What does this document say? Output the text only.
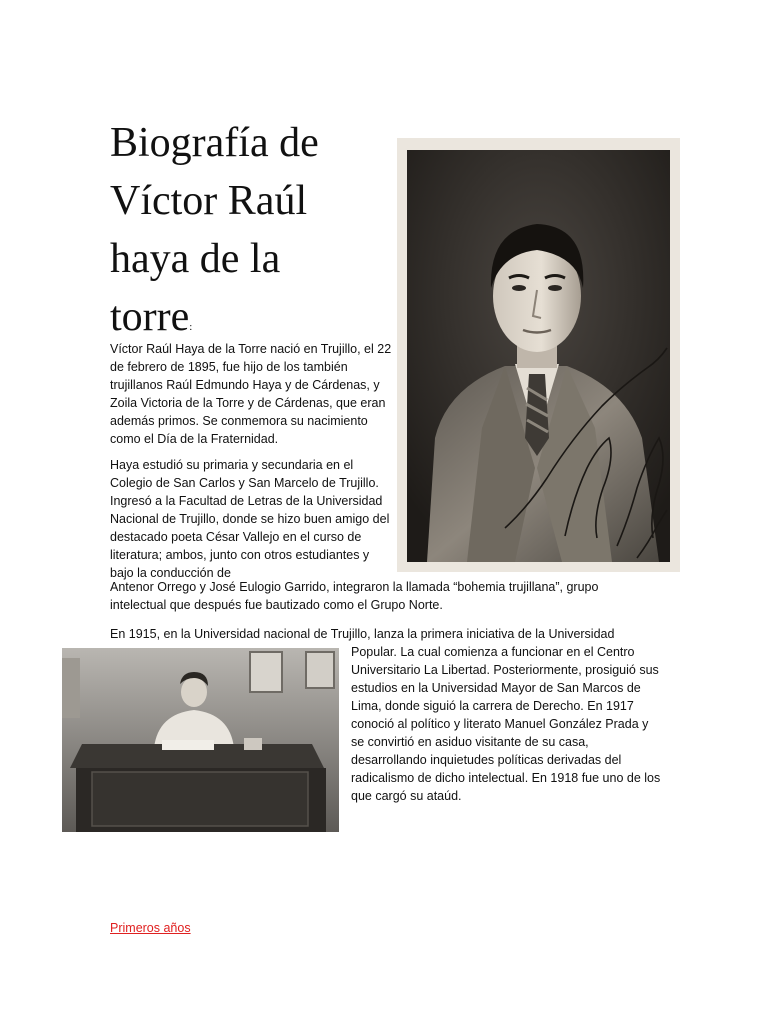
Biografía de
Víctor Raúl
haya de la
torre:

Víctor Raúl Haya de la Torre nació en Trujillo, el 22 de febrero de 1895, fue hijo de los también trujillanos Raúl Edmundo Haya y de Cárdenas, y Zoila Victoria de la Torre y de Cárdenas, que eran además primos. Se conmemora su nacimiento como el Día de la Fraternidad.

Haya estudió su primaria y secundaria en el Colegio de San Carlos y San Marcelo de Trujillo. Ingresó a la Facultad de Letras de la Universidad Nacional de Trujillo, donde se hizo buen amigo del destacado poeta César Vallejo en el curso de literatura; ambos, junto con otros estudiantes y bajo la conducción de

Antenor Orrego y José Eulogio Garrido, integraron la llamada “bohemia trujillana”, grupo intelectual que después fue bautizado como el Grupo Norte.

En 1915, en la Universidad nacional de Trujillo, lanza la primera iniciativa de la Universidad

Popular. La cual comienza a funcionar en el Centro Universitario La Libertad. Posteriormente, prosiguió sus estudios en la Universidad Mayor de San Marcos de Lima, donde siguió la carrera de Derecho. En 1917 conoció al político y literato Manuel González Prada y se convirtió en asiduo visitante de su casa, desarrollando inquietudes políticas derivadas del radicalismo de dicho intelectual. En 1918 fue uno de los que cargó su ataúd.

Primeros años
